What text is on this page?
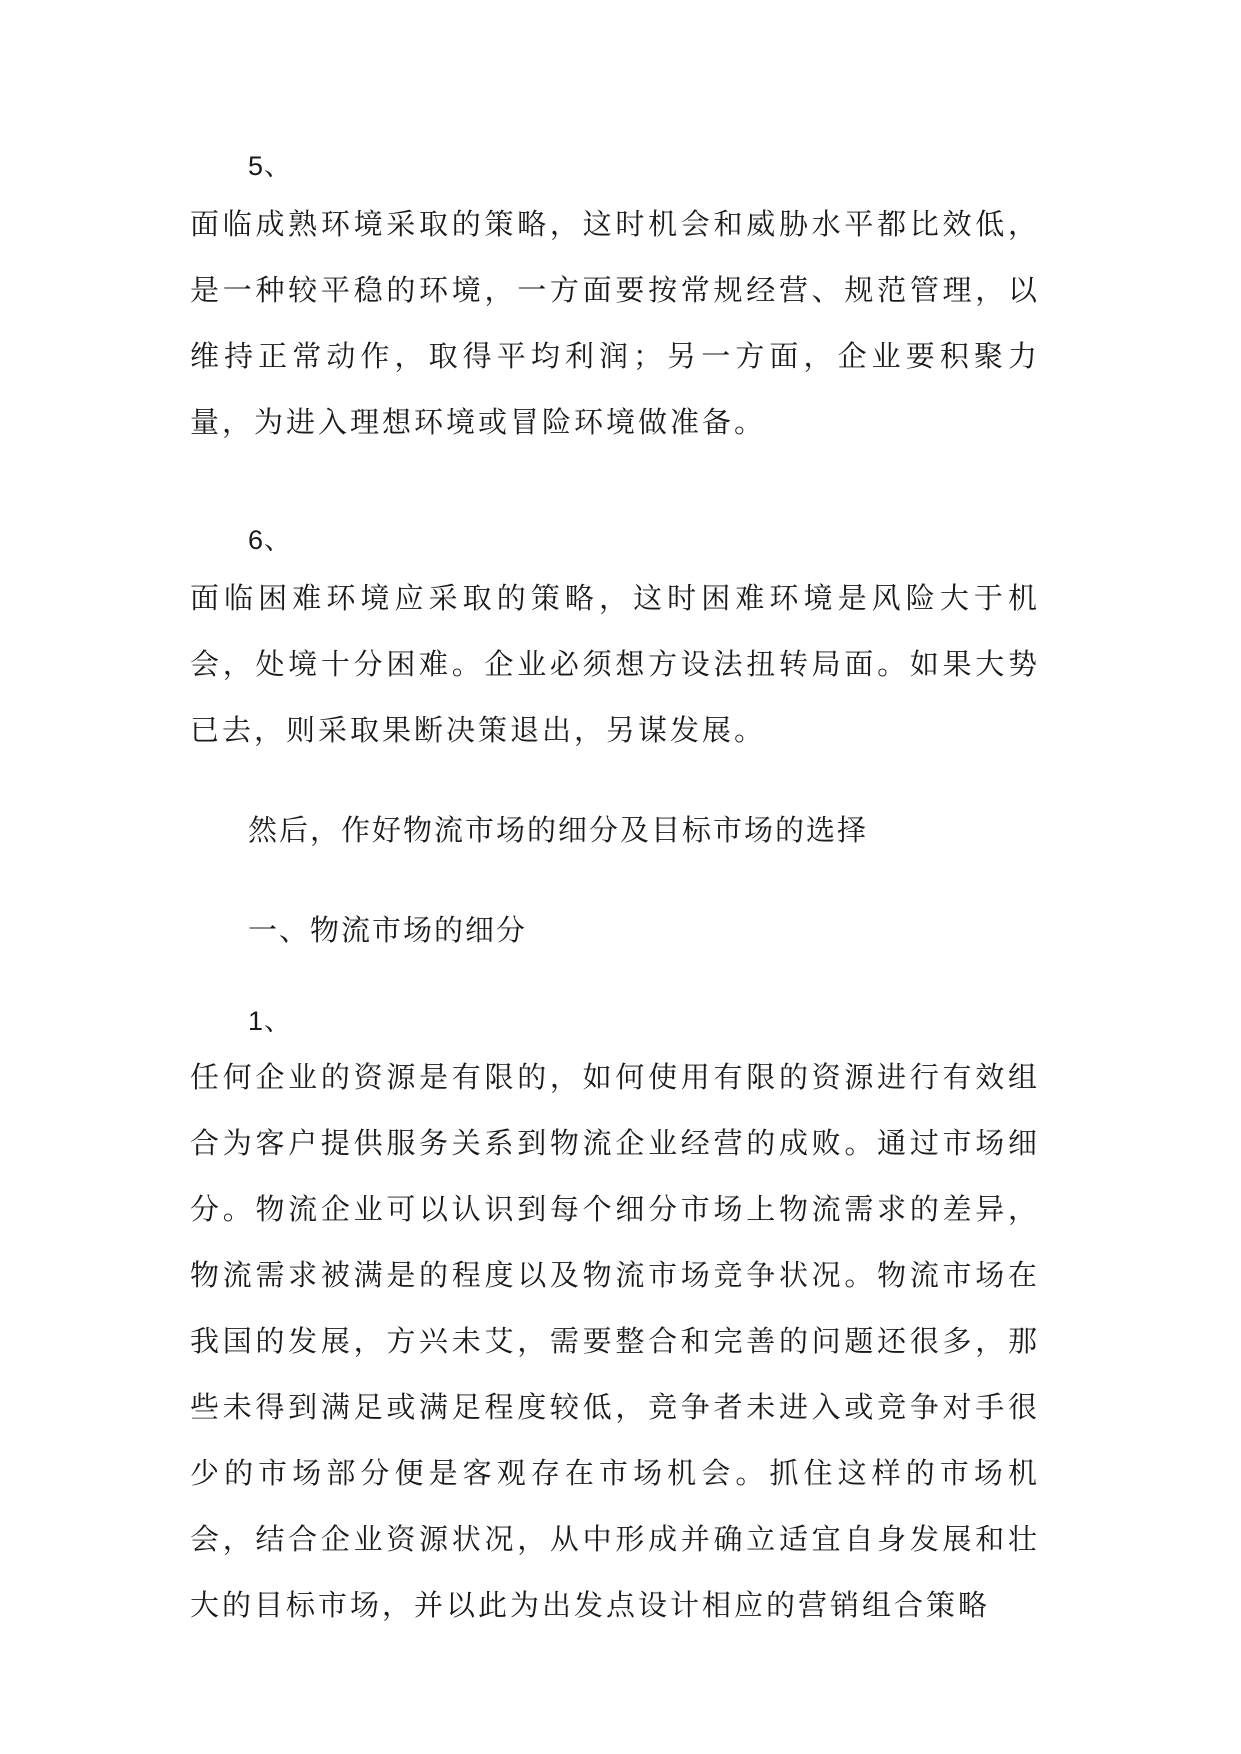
5、

面临成熟环境采取的策略，这时机会和威胁水平都比效低，是一种较平稳的环境，一方面要按常规经营、规范管理，以维持正常动作，取得平均利润；另一方面，企业要积聚力量，为进入理想环境或冒险环境做准备。

6、

面临困难环境应采取的策略，这时困难环境是风险大于机会，处境十分困难。企业必须想方设法扭转局面。如果大势已去，则采取果断决策退出，另谋发展。

然后，作好物流市场的细分及目标市场的选择

一、物流市场的细分

1、

任何企业的资源是有限的，如何使用有限的资源进行有效组合为客户提供服务关系到物流企业经营的成败。通过市场细分。物流企业可以认识到每个细分市场上物流需求的差异，物流需求被满是的程度以及物流市场竞争状况。物流市场在我国的发展，方兴未艾，需要整合和完善的问题还很多，那些未得到满足或满足程度较低，竞争者未进入或竞争对手很少的市场部分便是客观存在市场机会。抓住这样的市场机会，结合企业资源状况，从中形成并确立适宜自身发展和壮大的目标市场，并以此为出发点设计相应的营销组合策略
